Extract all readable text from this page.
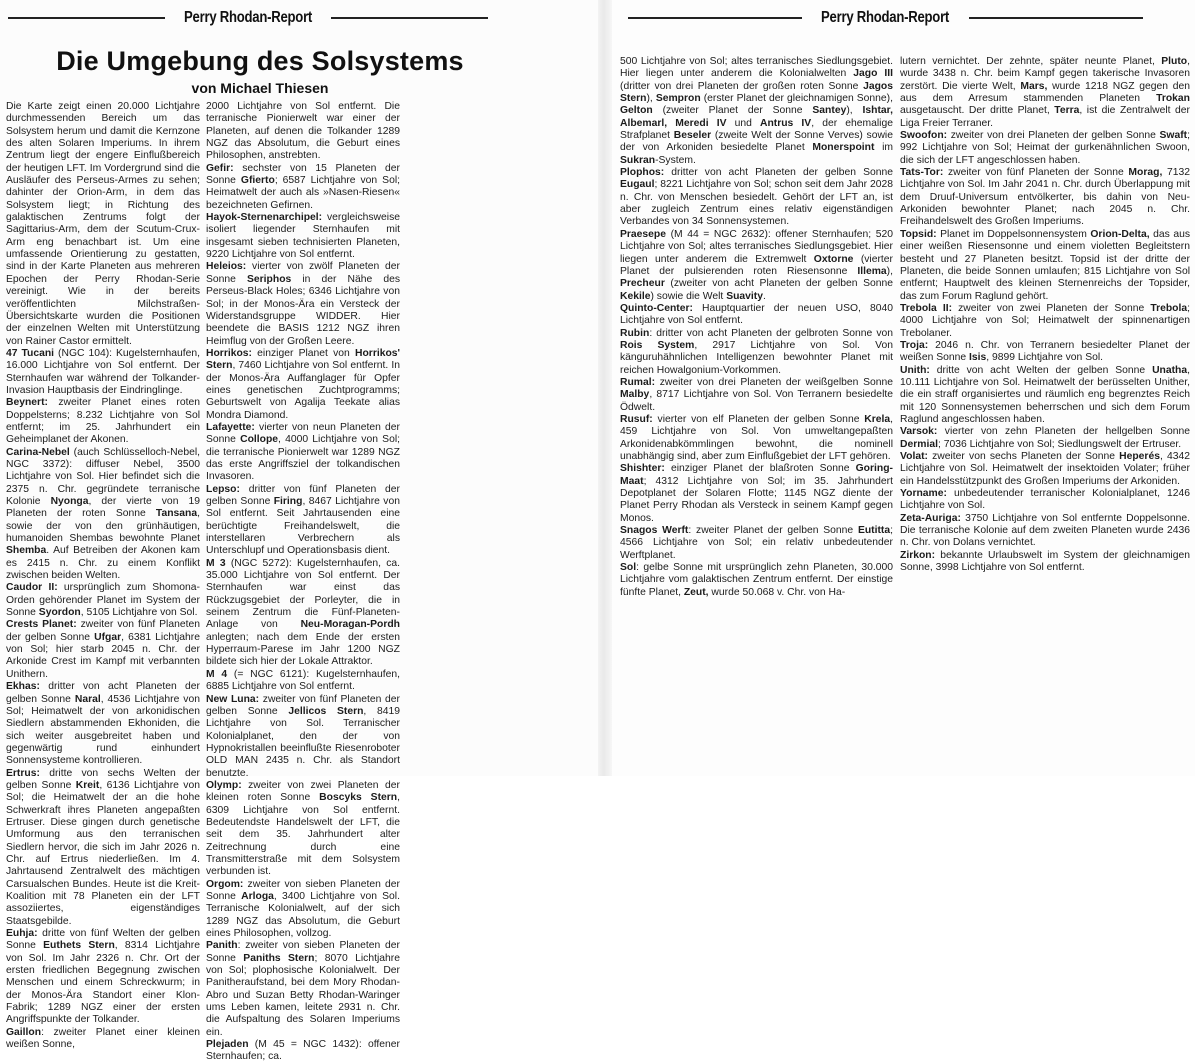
Perry Rhodan-Report
Die Umgebung des Solsystems
von Michael Thiesen

Die Karte zeigt einen 20.000 Lichtjahre durchmessenden Bereich um das Solsystem herum und damit die Kernzone des alten Solaren Imperiums. In ihrem Zentrum liegt der engere Einflußbereich der heutigen LFT. Im Vordergrund sind die Ausläufer des Perseus-Armes zu sehen; dahinter der Orion-Arm, in dem das Solsystem liegt; in Richtung des galaktischen Zentrums folgt der Sagittarius-Arm, dem der Scutum-Crux-Arm eng benachbart ist. Um eine umfassende Orientierung zu gestatten, sind in der Karte Planeten aus mehreren Epochen der Perry Rhodan-Serie vereinigt. Wie in der bereits veröffentlichten Milchstraßen-Übersichtskarte wurden die Positionen der einzelnen Welten mit Unterstützung von Rainer Castor ermittelt.

47 Tucani (NGC 104): Kugelsternhaufen, 16.000 Lichtjahre von Sol entfernt. Der Sternhaufen war während der Tolkander-Invasion Hauptbasis der Eindringlinge.

Beynert: zweiter Planet eines roten Doppelsterns; 8.232 Lichtjahre von Sol entfernt; im 25. Jahrhundert ein Geheimplanet der Akonen.

Carina-Nebel (auch Schlüsselloch-Nebel, NGC 3372): diffuser Nebel, 3500 Lichtjahre von Sol. Hier befindet sich die 2375 n. Chr. gegründete terranische Kolonie Nyonga, der vierte von 19 Planeten der roten Sonne Tansana, sowie der von den grünhäutigen, humanoiden Shembas bewohnte Planet Shemba. Auf Betreiben der Akonen kam es 2415 n. Chr. zu einem Konflikt zwischen beiden Welten.

Caudor II: ursprünglich zum Shomona-Orden gehörender Planet im System der Sonne Syordon, 5105 Lichtjahre von Sol.

Crests Planet: zweiter von fünf Planeten der gelben Sonne Ufgar, 6381 Lichtjahre von Sol; hier starb 2045 n. Chr. der Arkonide Crest im Kampf mit verbannten Unithern.

Ekhas: dritter von acht Planeten der gelben Sonne Naral, 4536 Lichtjahre von Sol; Heimatwelt der von arkonidischen Siedlern abstammenden Ekhoniden, die sich weiter ausgebreitet haben und gegenwärtig rund einhundert Sonnensysteme kontrollieren.

Ertrus: dritte von sechs Welten der gelben Sonne Kreit, 6136 Lichtjahre von Sol; die Heimatwelt der an die hohe Schwerkraft ihres Planeten angepaßten Ertruser. Diese gingen durch genetische Umformung aus den terranischen Siedlern hervor, die sich im Jahr 2026 n. Chr. auf Ertrus niederließen. Im 4. Jahrtausend Zentralwelt des mächtigen Carsualschen Bundes. Heute ist die Kreit-Koalition mit 78 Planeten ein der LFT assoziiertes, eigenständiges Staatsgebilde.

Euhja: dritte von fünf Welten der gelben Sonne Euthets Stern, 8314 Lichtjahre von Sol. Im Jahr 2326 n. Chr. Ort der ersten friedlichen Begegnung zwischen Menschen und einem Schreckwurm; in der Monos-Ära Standort einer Klon-Fabrik; 1289 NGZ einer der ersten Angriffspunkte der Tolkander.

Gaillon: zweiter Planet einer kleinen weißen Sonne,

2000 Lichtjahre von Sol entfernt. Die terranische Pionierwelt war einer der Planeten, auf denen die Tolkander 1289 NGZ das Absolutum, die Geburt eines Philosophen, anstrebten.

Gefir: sechster von 15 Planeten der Sonne Gfierto; 6587 Lichtjahre von Sol; Heimatwelt der auch als »Nasen-Riesen« bezeichneten Gefirnen.

Hayok-Sternenarchipel: vergleichsweise isoliert liegender Sternhaufen mit insgesamt sieben technisierten Planeten, 9220 Lichtjahre von Sol entfernt.

Heleios: vierter von zwölf Planeten der Sonne Seriphos in der Nähe des Perseus-Black Holes; 6346 Lichtjahre von Sol; in der Monos-Ära ein Versteck der Widerstandsgruppe WIDDER. Hier beendete die BASIS 1212 NGZ ihren Heimflug von der Großen Leere.

Horrikos: einziger Planet von Horrikos' Stern, 7460 Lichtjahre von Sol entfernt. In der Monos-Ära Auffanglager für Opfer eines genetischen Zuchtprogramms; Geburtswelt von Agalija Teekate alias Mondra Diamond.

Lafayette: vierter von neun Planeten der Sonne Collope, 4000 Lichtjahre von Sol; die terranische Pionierwelt war 1289 NGZ das erste Angriffsziel der tolkandischen Invasoren.

Lepso: dritter von fünf Planeten der gelben Sonne Firing, 8467 Lichtjahre von Sol entfernt. Seit Jahrtausenden eine berüchtigte Freihandelswelt, die interstellaren Verbrechern als Unterschlupf und Operationsbasis dient.

M 3 (NGC 5272): Kugelsternhaufen, ca. 35.000 Lichtjahre von Sol entfernt. Der Sternhaufen war einst das Rückzugsgebiet der Porleyter, die in seinem Zentrum die Fünf-Planeten-Anlage von Neu-Moragan-Pordh anlegten; nach dem Ende der ersten Hyperraum-Parese im Jahr 1200 NGZ bildete sich hier der Lokale Attraktor.

M 4 (= NGC 6121): Kugelsternhaufen, 6885 Lichtjahre von Sol entfernt.

New Luna: zweiter von fünf Planeten der gelben Sonne Jellicos Stern, 8419 Lichtjahre von Sol. Terranischer Kolonialplanet, den der von Hypnokristallen beeinflußte Riesenroboter OLD MAN 2435 n. Chr. als Standort benutzte.

Olymp: zweiter von zwei Planeten der kleinen roten Sonne Boscyks Stern, 6309 Lichtjahre von Sol entfernt. Bedeutendste Handelswelt der LFT, die seit dem 35. Jahrhundert alter Zeitrechnung durch eine Transmitterstraße mit dem Solsystem verbunden ist.

Orgom: zweiter von sieben Planeten der Sonne Arloga, 3400 Lichtjahre von Sol. Terranische Kolonialwelt, auf der sich 1289 NGZ das Absolutum, die Geburt eines Philosophen, vollzog.

Panith: zweiter von sieben Planeten der Sonne Paniths Stern; 8070 Lichtjahre von Sol; plophosische Kolonialwelt. Der Panitheraufstand, bei dem Mory Rhodan-Abro und Suzan Betty Rhodan-Waringer ums Leben kamen, leitete 2931 n. Chr. die Aufspaltung des Solaren Imperiums ein.

Plejaden (M 45 = NGC 1432): offener Sternhaufen; ca.

Perry Rhodan-Report

500 Lichtjahre von Sol; altes terranisches Siedlungsgebiet. Hier liegen unter anderem die Kolonialwelten Jago III (dritter von drei Planeten der großen roten Sonne Jagos Stern), Sempron (erster Planet der gleichnamigen Sonne), Gelton (zweiter Planet der Sonne Santey), Ishtar, Albemarl, Meredi IV und Antrus IV, der ehemalige Strafplanet Beseler (zweite Welt der Sonne Verves) sowie der von Arkoniden besiedelte Planet Monerspoint im Sukran-System.

Plophos: dritter von acht Planeten der gelben Sonne Eugaul; 8221 Lichtjahre von Sol; schon seit dem Jahr 2028 n. Chr. von Menschen besiedelt. Gehört der LFT an, ist aber zugleich Zentrum eines relativ eigenständigen Verbandes von 34 Sonnensystemen.

Praesepe (M 44 = NGC 2632): offener Sternhaufen; 520 Lichtjahre von Sol; altes terranisches Siedlungsgebiet. Hier liegen unter anderem die Extremwelt Oxtorne (vierter Planet der pulsierenden roten Riesensonne Illema), Precheur (zweiter von acht Planeten der gelben Sonne Kekile) sowie die Welt Suavity.

Quinto-Center: Hauptquartier der neuen USO, 8040 Lichtjahre von Sol entfernt.

Rubin: dritter von acht Planeten der gelbroten Sonne von Rois System, 2917 Lichtjahre von Sol. Von känguruhähnlichen Intelligenzen bewohnter Planet mit reichen Howalgonium-Vorkommen.

Rumal: zweiter von drei Planeten der weißgelben Sonne Malby, 8717 Lichtjahre von Sol. Von Terranern besiedelte Ödwelt.

Rusuf: vierter von elf Planeten der gelben Sonne Krela, 459 Lichtjahre von Sol. Von umweltangepaßten Arkonidenabkömmlingen bewohnt, die nominell unabhängig sind, aber zum Einflußgebiet der LFT gehören.

Shishter: einziger Planet der blaßroten Sonne Goring-Maat; 4312 Lichtjahre von Sol; im 35. Jahrhundert Depotplanet der Solaren Flotte; 1145 NGZ diente der Planet Perry Rhodan als Versteck in seinem Kampf gegen Monos.

Snagos Werft: zweiter Planet der gelben Sonne Eutitta; 4566 Lichtjahre von Sol; ein relativ unbedeutender Werftplanet.

Sol: gelbe Sonne mit ursprünglich zehn Planeten, 30.000 Lichtjahre vom galaktischen Zentrum entfernt. Der einstige fünfte Planet, Zeut, wurde 50.068 v. Chr. von Ha-

lutern vernichtet. Der zehnte, später neunte Planet, Pluto, wurde 3438 n. Chr. beim Kampf gegen takerische Invasoren zerstört. Die vierte Welt, Mars, wurde 1218 NGZ gegen den aus dem Arresum stammenden Planeten Trokan ausgetauscht. Der dritte Planet, Terra, ist die Zentralwelt der Liga Freier Terraner.

Swoofon: zweiter von drei Planeten der gelben Sonne Swaft; 992 Lichtjahre von Sol; Heimat der gurkenähnlichen Swoon, die sich der LFT angeschlossen haben.

Tats-Tor: zweiter von fünf Planeten der Sonne Morag, 7132 Lichtjahre von Sol. Im Jahr 2041 n. Chr. durch Überlappung mit dem Druuf-Universum entvölkerter, bis dahin von Neu-Arkoniden bewohnter Planet; nach 2045 n. Chr. Freihandelswelt des Großen Imperiums.

Topsid: Planet im Doppelsonnensystem Orion-Delta, das aus einer weißen Riesensonne und einem violetten Begleitstern besteht und 27 Planeten besitzt. Topsid ist der dritte der Planeten, die beide Sonnen umlaufen; 815 Lichtjahre von Sol entfernt; Hauptwelt des kleinen Sternenreichs der Topsider, das zum Forum Raglund gehört.

Trebola II: zweiter von zwei Planeten der Sonne Trebola; 4000 Lichtjahre von Sol; Heimatwelt der spinnenartigen Trebolaner.

Troja: 2046 n. Chr. von Terranern besiedelter Planet der weißen Sonne Isis, 9899 Lichtjahre von Sol.

Unith: dritte von acht Welten der gelben Sonne Unatha, 10.111 Lichtjahre von Sol. Heimatwelt der berüsselten Unither, die ein straff organisiertes und räumlich eng begrenztes Reich mit 120 Sonnensystemen beherrschen und sich dem Forum Raglund angeschlossen haben.

Varsok: vierter von zehn Planeten der hellgelben Sonne Dermial; 7036 Lichtjahre von Sol; Siedlungswelt der Ertruser.

Volat: zweiter von sechs Planeten der Sonne Heperés, 4342 Lichtjahre von Sol. Heimatwelt der insektoiden Volater; früher ein Handelsstützpunkt des Großen Imperiums der Arkoniden.

Yorname: unbedeutender terranischer Kolonialplanet, 1246 Lichtjahre von Sol.

Zeta-Auriga: 3750 Lichtjahre von Sol entfernte Doppelsonne. Die terranische Kolonie auf dem zweiten Planeten wurde 2436 n. Chr. von Dolans vernichtet.

Zirkon: bekannte Urlaubswelt im System der gleichnamigen Sonne, 3998 Lichtjahre von Sol entfernt.
